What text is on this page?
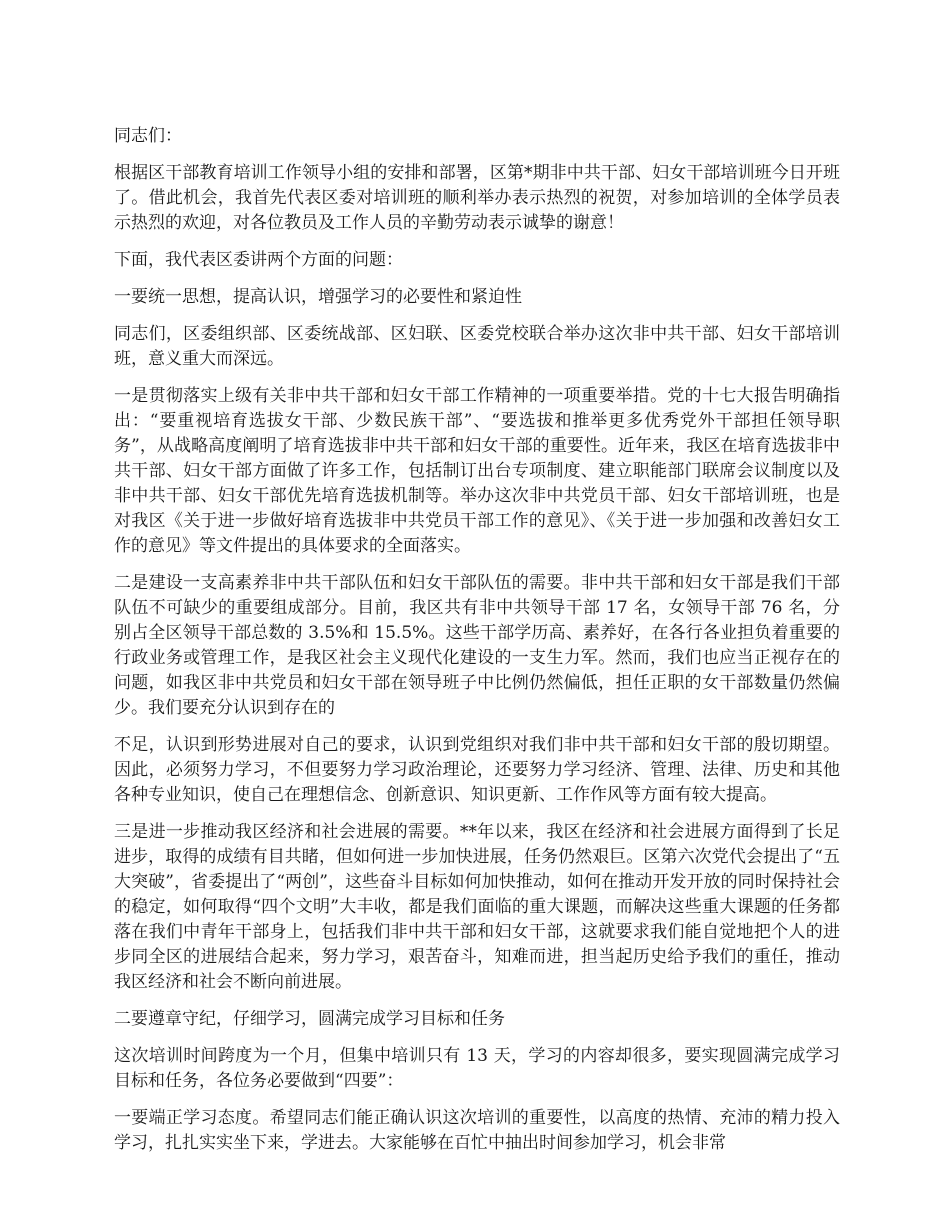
同志们：

根据区干部教育培训工作领导小组的安排和部署，区第*期非中共干部、妇女干部培训班今日开班了。借此机会，我首先代表区委对培训班的顺利举办表示热烈的祝贺，对参加培训的全体学员表示热烈的欢迎，对各位教员及工作人员的辛勤劳动表示诚挚的谢意！

下面，我代表区委讲两个方面的问题：

一要统一思想，提高认识，增强学习的必要性和紧迫性

同志们，区委组织部、区委统战部、区妇联、区委党校联合举办这次非中共干部、妇女干部培训班，意义重大而深远。

一是贯彻落实上级有关非中共干部和妇女干部工作精神的一项重要举措。党的十七大报告明确指出：“要重视培育选拔女干部、少数民族干部”、“要选拔和推举更多优秀党外干部担任领导职务”，从战略高度阐明了培育选拔非中共干部和妇女干部的重要性。近年来，我区在培育选拔非中共干部、妇女干部方面做了许多工作，包括制订出台专项制度、建立职能部门联席会议制度以及非中共干部、妇女干部优先培育选拔机制等。举办这次非中共党员干部、妇女干部培训班，也是对我区《关于进一步做好培育选拔非中共党员干部工作的意见》、《关于进一步加强和改善妇女工作的意见》等文件提出的具体要求的全面落实。

二是建设一支高素养非中共干部队伍和妇女干部队伍的需要。非中共干部和妇女干部是我们干部队伍不可缺少的重要组成部分。目前，我区共有非中共领导干部 17 名，女领导干部 76 名，分别占全区领导干部总数的 3.5%和 15.5%。这些干部学历高、素养好，在各行各业担负着重要的行政业务或管理工作，是我区社会主义现代化建设的一支生力军。然而，我们也应当正视存在的问题，如我区非中共党员和妇女干部在领导班子中比例仍然偏低，担任正职的女干部数量仍然偏少。我们要充分认识到存在的

不足，认识到形势进展对自己的要求，认识到党组织对我们非中共干部和妇女干部的殷切期望。因此，必须努力学习，不但要努力学习政治理论，还要努力学习经济、管理、法律、历史和其他各种专业知识，使自己在理想信念、创新意识、知识更新、工作作风等方面有较大提高。

三是进一步推动我区经济和社会进展的需要。**年以来，我区在经济和社会进展方面得到了长足进步，取得的成绩有目共睹，但如何进一步加快进展，任务仍然艰巨。区第六次党代会提出了“五大突破”，省委提出了“两创”，这些奋斗目标如何加快推动，如何在推动开发开放的同时保持社会的稳定，如何取得“四个文明”大丰收，都是我们面临的重大课题，而解决这些重大课题的任务都落在我们中青年干部身上，包括我们非中共干部和妇女干部，这就要求我们能自觉地把个人的进步同全区的进展结合起来，努力学习，艰苦奋斗，知难而进，担当起历史给予我们的重任，推动我区经济和社会不断向前进展。

二要遵章守纪，仔细学习，圆满完成学习目标和任务

这次培训时间跨度为一个月，但集中培训只有 13 天，学习的内容却很多，要实现圆满完成学习目标和任务，各位务必要做到“四要”：

一要端正学习态度。希望同志们能正确认识这次培训的重要性，以高度的热情、充沛的精力投入学习，扎扎实实坐下来，学进去。大家能够在百忙中抽出时间参加学习，机会非常
